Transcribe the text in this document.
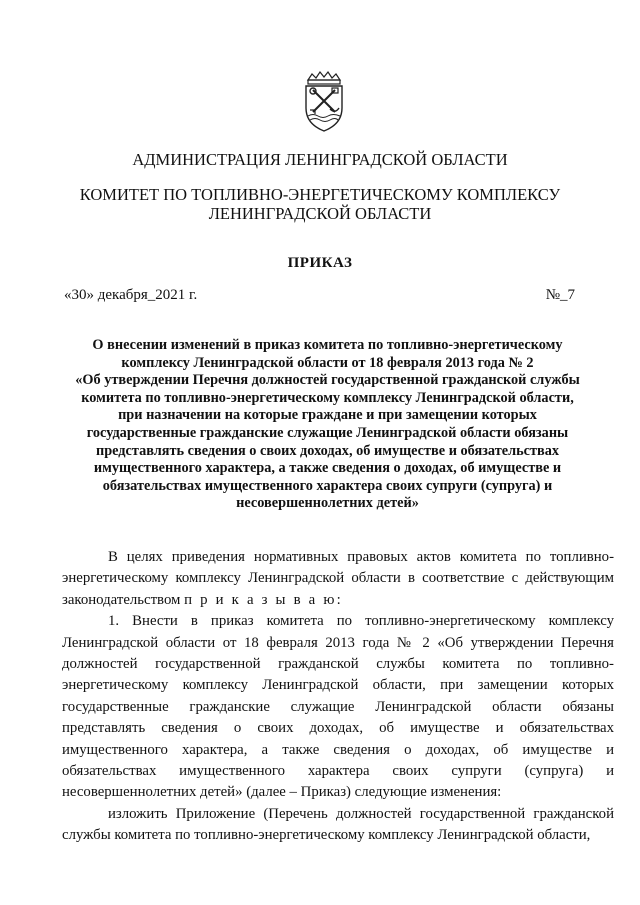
АДМИНИСТРАЦИЯ ЛЕНИНГРАДСКОЙ ОБЛАСТИ
КОМИТЕТ ПО ТОПЛИВНО-ЭНЕРГЕТИЧЕСКОМУ КОМПЛЕКСУ
ЛЕНИНГРАДСКОЙ ОБЛАСТИ
ПРИКАЗ
«30» декабря_2021 г.	№_7
О внесении изменений в приказ комитета по топливно-энергетическому
комплексу Ленинградской области от 18 февраля 2013 года № 2
«Об утверждении Перечня должностей государственной гражданской службы
комитета по топливно-энергетическому комплексу Ленинградской области,
при назначении на которые граждане и при замещении которых
государственные гражданские служащие Ленинградской области обязаны
представлять сведения о своих доходах, об имуществе и обязательствах
имущественного характера, а также сведения о доходах, об имуществе и
обязательствах имущественного характера своих супруги (супруга) и
несовершеннолетних детей»

В целях приведения нормативных правовых актов комитета по топливно-энергетическому комплексу Ленинградской области в соответствие с действующим законодательством п р и к а з ы в а ю:

1. Внести в приказ комитета по топливно-энергетическому комплексу Ленинградской области от 18 февраля 2013 года № 2 «Об утверждении Перечня должностей государственной гражданской службы комитета по топливно-энергетическому комплексу Ленинградской области, при замещении которых государственные гражданские служащие Ленинградской области обязаны представлять сведения о своих доходах, об имуществе и обязательствах имущественного характера, а также сведения о доходах, об имуществе и обязательствах имущественного характера своих супруги (супруга) и несовершеннолетних детей» (далее – Приказ) следующие изменения:

изложить Приложение (Перечень должностей государственной гражданской службы комитета по топливно-энергетическому комплексу Ленинградской области,
